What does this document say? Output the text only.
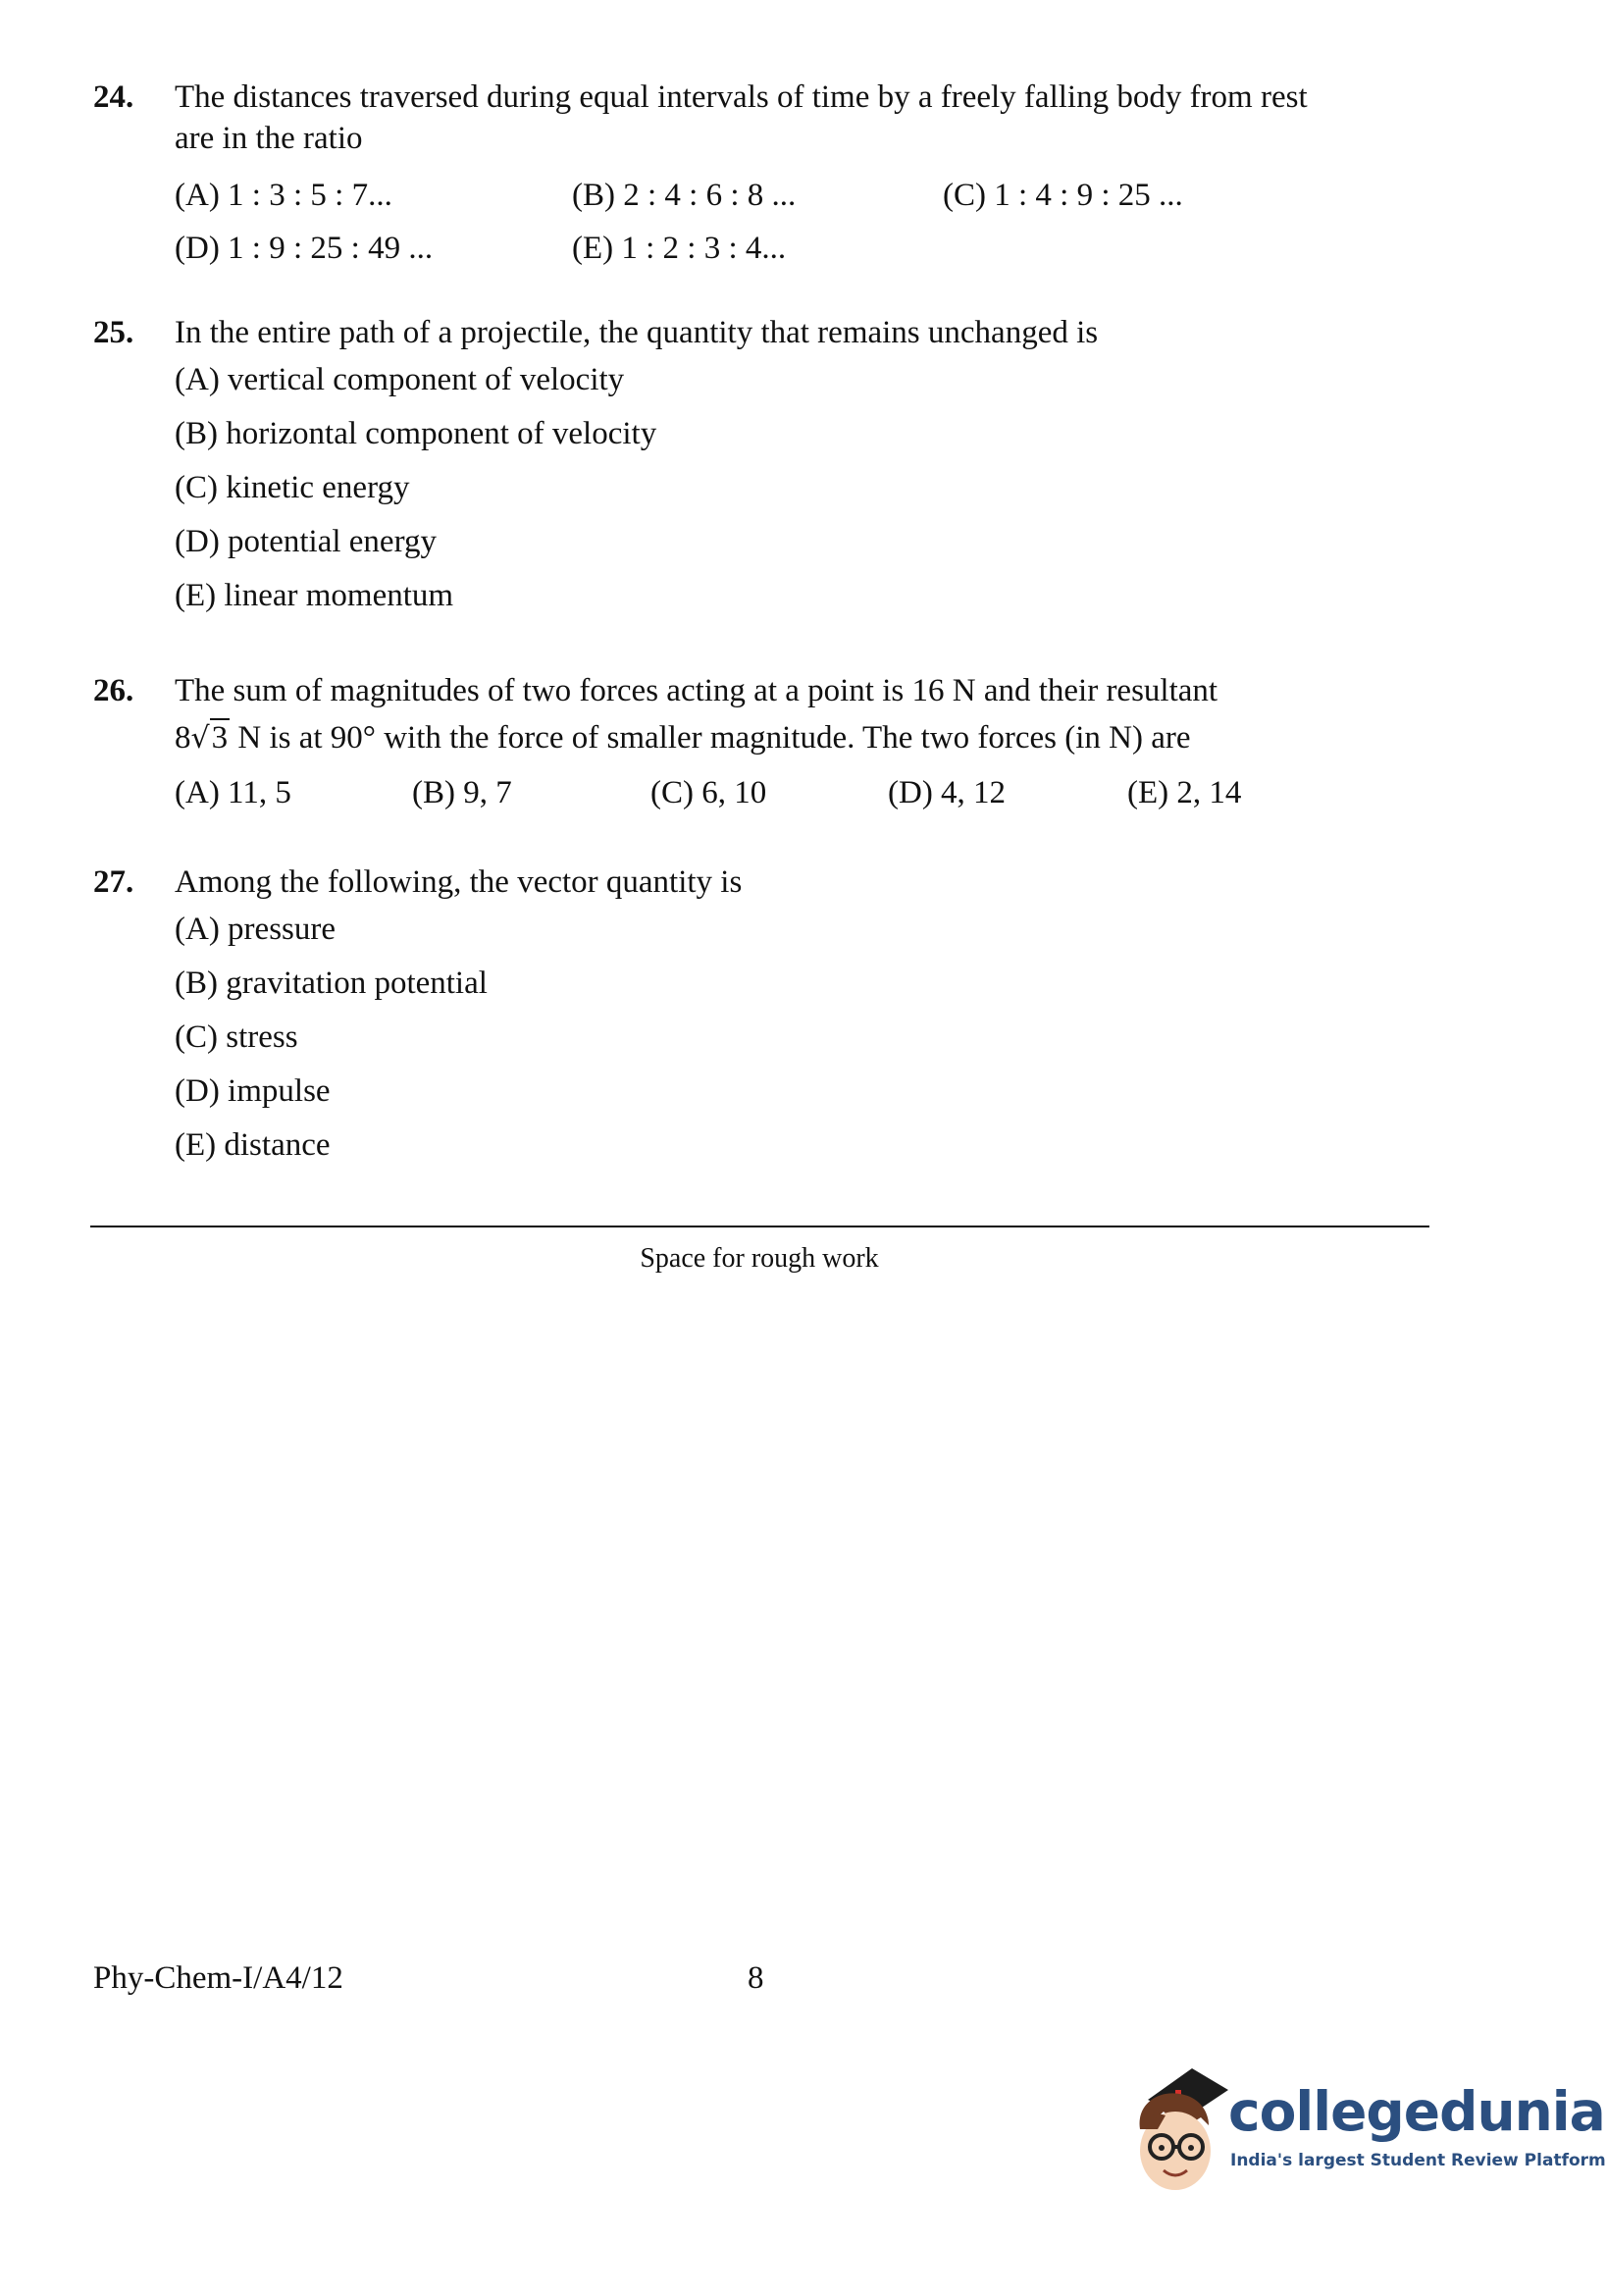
24. The distances traversed during equal intervals of time by a freely falling body from rest
are in the ratio
(A) 1 : 3 : 5 : 7...	(B) 2 : 4 : 6 : 8 ...	(C) 1 : 4 : 9 : 25 ...
(D) 1 : 9 : 25 : 49 ...	(E) 1 : 2 : 3 : 4...
25. In the entire path of a projectile, the quantity that remains unchanged is
(A) vertical component of velocity
(B) horizontal component of velocity
(C) kinetic energy
(D) potential energy
(E) linear momentum
26. The sum of magnitudes of two forces acting at a point is 16 N and their resultant
8√3 N is at 90° with the force of smaller magnitude. The two forces (in N) are
(A) 11, 5	(B) 9, 7	(C) 6, 10	(D) 4, 12	(E) 2, 14
27. Among the following, the vector quantity is
(A) pressure
(B) gravitation potential
(C) stress
(D) impulse
(E) distance
Space for rough work
Phy-Chem-I/A4/12	8
collegedunia
India's largest Student Review Platform
